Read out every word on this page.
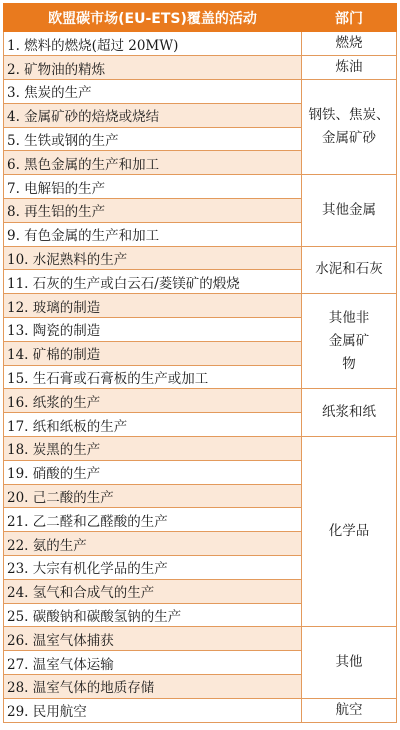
欧盟碳市场(EU-ETS)覆盖的活动	部门
1. 燃料的燃烧(超过 20MW)	燃烧
2. 矿物油的精炼	炼油
3. 焦炭的生产	钢铁、焦炭、金属矿砂
4. 金属矿砂的焙烧或烧结	
5. 生铁或钢的生产	
6. 黑色金属的生产和加工	
7. 电解铝的生产	其他金属
8. 再生铝的生产	
9. 有色金属的生产和加工	
10. 水泥熟料的生产	水泥和石灰
11. 石灰的生产或白云石/菱镁矿的煅烧	
12. 玻璃的制造	其他非金属矿物
13. 陶瓷的制造	
14. 矿棉的制造	
15. 生石膏或石膏板的生产或加工	
16. 纸浆的生产	纸浆和纸
17. 纸和纸板的生产	
18. 炭黑的生产	化学品
19. 硝酸的生产	
20. 己二酸的生产	
21. 乙二醛和乙醛酸的生产	
22. 氨的生产	
23. 大宗有机化学品的生产	
24. 氢气和合成气的生产	
25. 碳酸钠和碳酸氢钠的生产	
26. 温室气体捕获	其他
27. 温室气体运输	
28. 温室气体的地质存储	
29. 民用航空	航空
